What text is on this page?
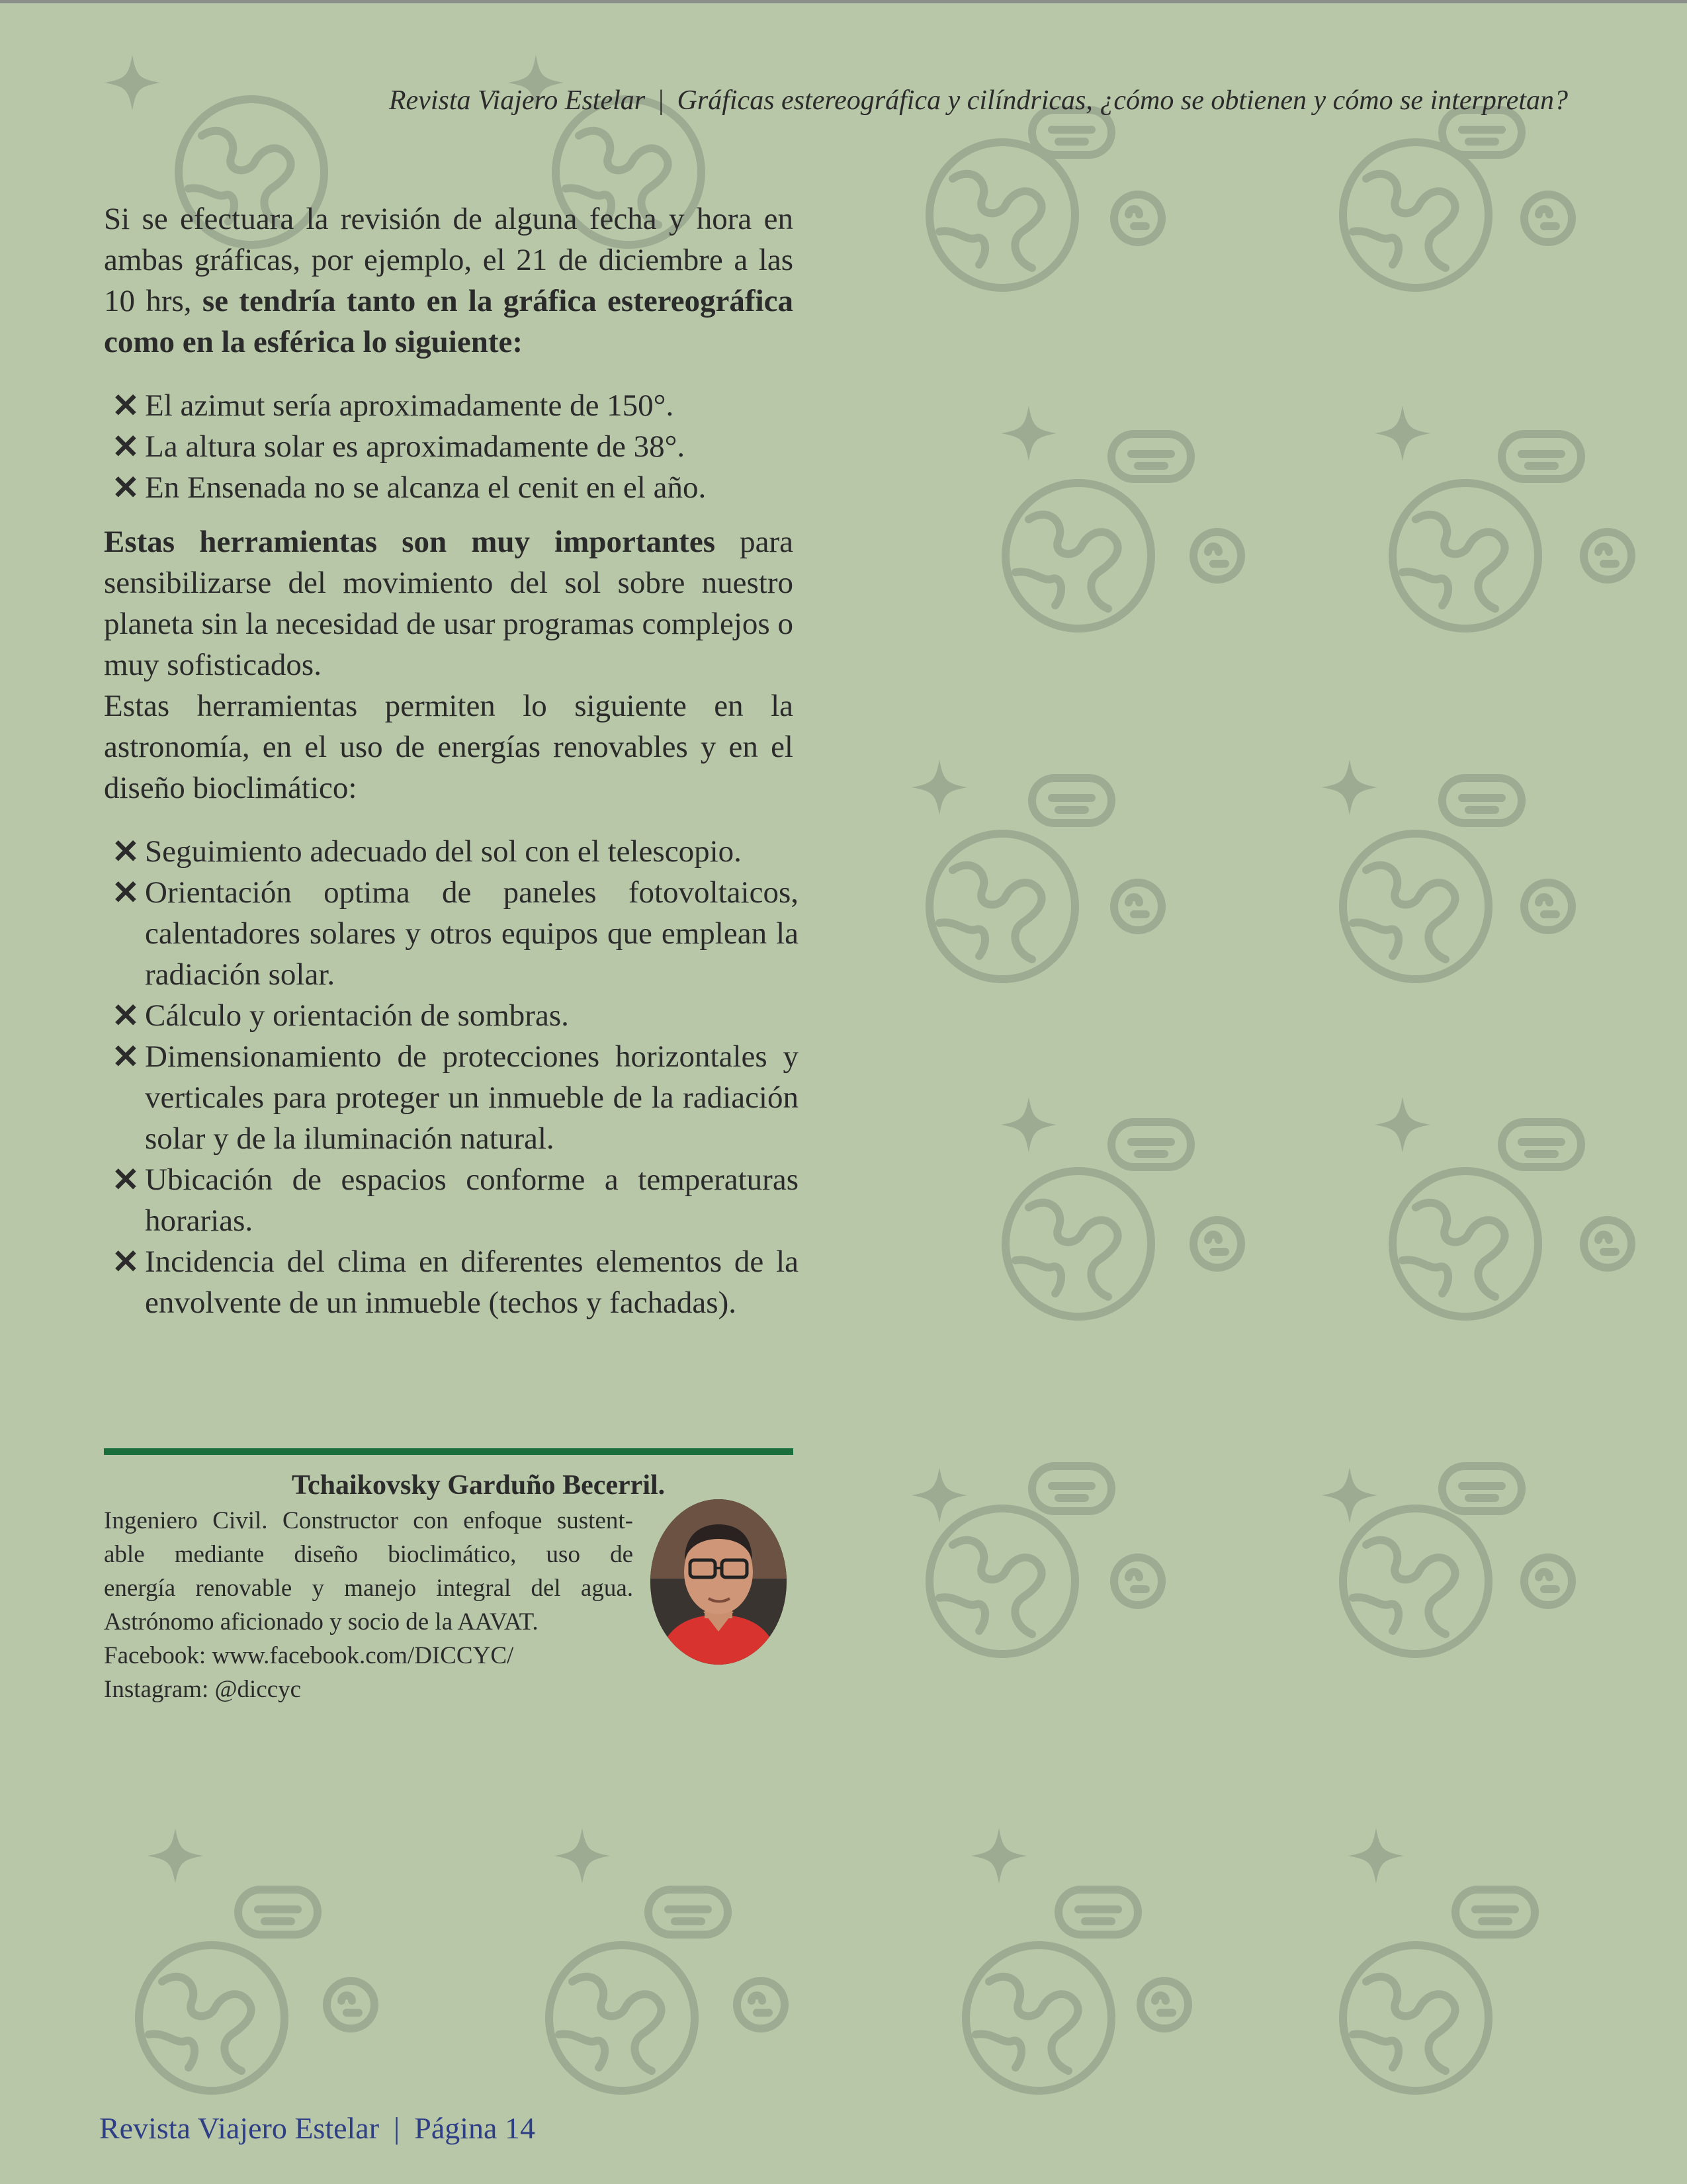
Revista Viajero Estelar | Gráficas estereográfica y cilíndricas, ¿cómo se obtienen y cómo se interpretan?

Si se efectuara la revisión de alguna fecha y hora en ambas gráficas, por ejemplo, el 21 de diciembre a las 10 hrs, se tendría tanto en la gráfica estereográfica como en la esférica lo siguiente:

✕ El azimut sería aproximadamente de 150°.
✕ La altura solar es aproximadamente de 38°.
✕ En Ensenada no se alcanza el cenit en el año.

Estas herramientas son muy importantes para sensibilizarse del movimiento del sol sobre nuestro planeta sin la necesidad de usar programas complejos o muy sofisticados.

Estas herramientas permiten lo siguiente en la astronomía, en el uso de energías renovables y en el diseño bioclimático:

✕ Seguimiento adecuado del sol con el telescopio.
✕ Orientación optima de paneles fotovoltaicos, calentadores solares y otros equipos que emplean la radiación solar.
✕ Cálculo y orientación de sombras.
✕ Dimensionamiento de protecciones horizontales y verticales para proteger un inmueble de la radiación solar y de la iluminación natural.
✕ Ubicación de espacios conforme a temperaturas horarias.
✕ Incidencia del clima en diferentes elementos de la envolvente de un inmueble (techos y fachadas).
Tchaikovsky Garduño Becerril.
Ingeniero Civil. Constructor con enfoque sustent-
able mediante diseño bioclimático, uso de
energía renovable y manejo integral del agua.
Astrónomo aficionado y socio de la AAVAT.
Facebook: www.facebook.com/DICCYC/
Instagram: @diccyc
Revista Viajero Estelar | Página 14
